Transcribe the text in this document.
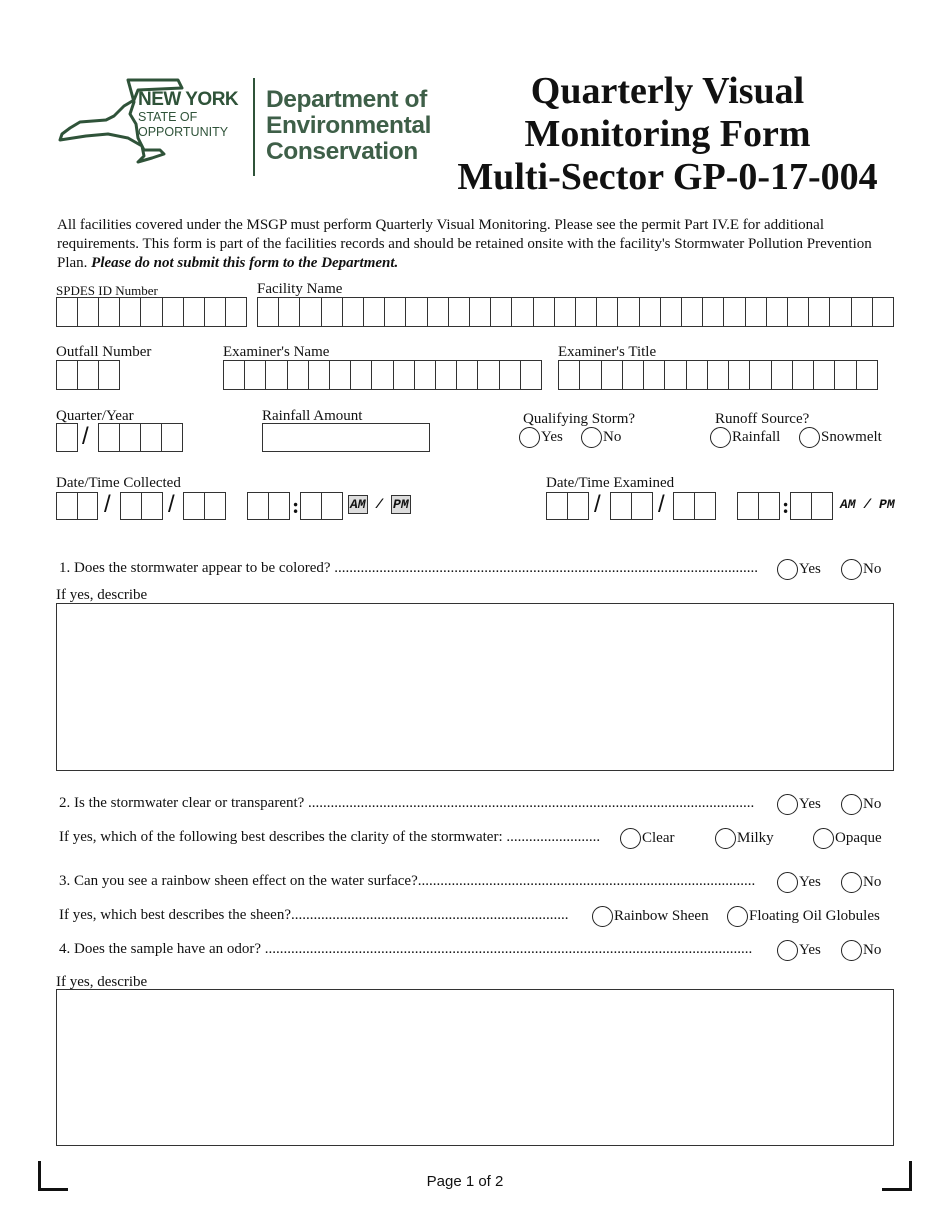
NEW YORK
STATE OF
OPPORTUNITY
Department of
Environmental
Conservation
Quarterly Visual
Monitoring Form
Multi-Sector GP-0-17-004

All facilities covered under the MSGP must perform Quarterly Visual Monitoring. Please see the permit Part IV.E for additional requirements. This form is part of the facilities records and should be retained onsite with the facility's Stormwater Pollution Prevention Plan. Please do not submit this form to the Department.

SPDES ID Number	Facility Name
Outfall Number	Examiner's Name	Examiner's Title
Quarter/Year
/
Rainfall Amount	Qualifying Storm?
Yes	No
Runoff Source?
Rainfall	Snowmelt
Date/Time Collected
/ /	:	AM / PM
Date/Time Examined
/ /	:	AM / PM
1. Does the stormwater appear to be colored? .................................................................................................................	Yes	No
If yes, describe
2. Is the stormwater clear or transparent? .......................................................................................................................	Yes	No
If yes, which of the following best describes the clarity of the stormwater: .........................	Clear	Milky	Opaque
3. Can you see a rainbow sheen effect on the water surface?..........................................................................................	Yes	No
If yes, which best describes the sheen?..........................................................................	Rainbow Sheen	Floating Oil Globules
4. Does the sample have an odor? ..................................................................................................................................	Yes	No
If yes, describe
Page 1 of 2
